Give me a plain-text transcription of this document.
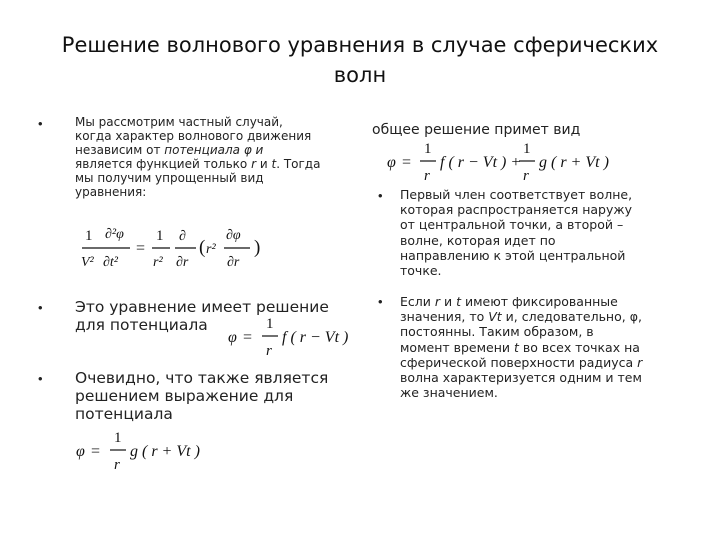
Решение волнового уравнения в случае сферических
волн
•	Мы рассмотрим частный случай,
когда характер волнового движения
независим от потенциала φ и
является функцией только r и t. Тогда
мы получим упрощенный вид
уравнения:
1 ∂²φ
V² ∂t²
=
1
r²
∂
∂r
( r²
∂φ
∂r
)
• Это уравнение имеет решение
для потенциала
φ =
1
r
f ( r − Vt )
• Очевидно, что также является
решением выражение для
потенциала
φ =
1
r
g ( r + Vt )
общее решение примет вид
φ =
1
r
f ( r − Vt ) +
1
r
g ( r + Vt )
• Первый член соответствует волне,
которая распространяется наружу
от центральной точки, а второй –
волне, которая идет по
направлению к этой центральной
точке.
• Если r и t имеют фиксированные
значения, то Vt и, следовательно, φ,
постоянны. Таким образом, в
момент времени t во всех точках на
сферической поверхности радиуса r
волна характеризуется одним и тем
же значением.
